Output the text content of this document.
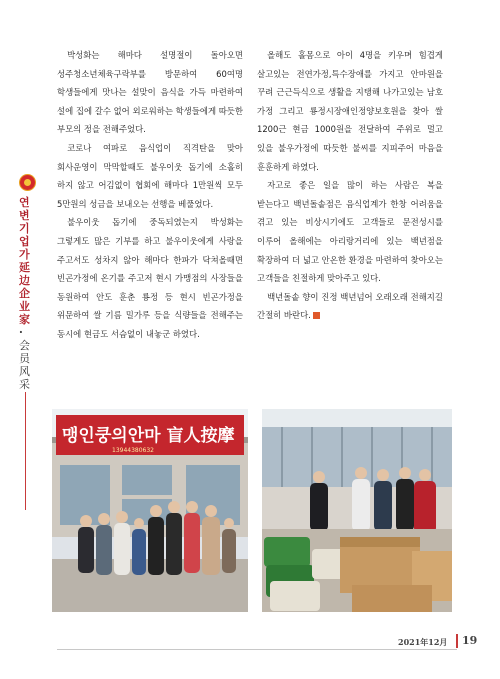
박성화는 해마다 설명절이 돌아오면 성주청소년체육구락부를 방문하여 60여명 학생들에게 맛나는 설맞이 음식을 가득 마련하여 설에 집에 갈수 없어 외로워하는 학생들에게 따듯한 부모의 정을 전해주었다.

코로나 여파로 음식업이 직격탄을 맞아 회사운영이 막막할때도 불우이웃 돕기에 소홀히 하지 않고 어김없이 협회에 해마다 1만원씩 모두 5만원의 성금을 보내오는 선행을 베풀었다.

불우이웃 돕기에 중독되였는지 박성화는 그렇게도 많은 기부를 하고 불우이웃에게 사랑을 주고서도 성차지 않아 해마다 한파가 닥쳐올때면 빈곤가정에 온기를 주고저 현시 가맹점의 사장들을 동원하여 안도 훈춘 룡정 등 현시 빈곤가정을 위문하여 쌀 기름 밀가루 등을 식량들을 전해주는 동시에 현금도 서슴없이 내놓군 하였다.

올해도 홀몸으로 아이 4명을 키우며 힘겹게 살고있는 전연가정,특수장애를 가지고 안마원을 꾸려 근근득식으로 생활을 지탱해 나가고있는 남호 가정 그리고 룡정시장애인정양보호원을 찾아 쌀 1200근 현금 1000원을 전달하여 주위로 멀고 있을 불우가정에 따듯한 불씨를 지피주어 마음을 훈훈하게 하였다.

자고로 좋은 일을 많이 하는 사람은 복을 받는다고 백년돌솥점은 음식업계가 한창 어려움을 겪고 있는 비상시기에도 고객들로 문전성시를 이루어 올해에는 아리랑거리에 있는 백년점을 확장하여 더 넓고 안온한 환경을 마련하여 찾아오는 고객들을 친절하게 맞아주고 있다.

백년돌솥 향이 진정 백년넘어 오래오래 전해지길 간절히 바란다.

연변기업가
延边企业家
·
会员风采
맹인쿵의안마 盲人按摩
13944380632
2021年12月 19
